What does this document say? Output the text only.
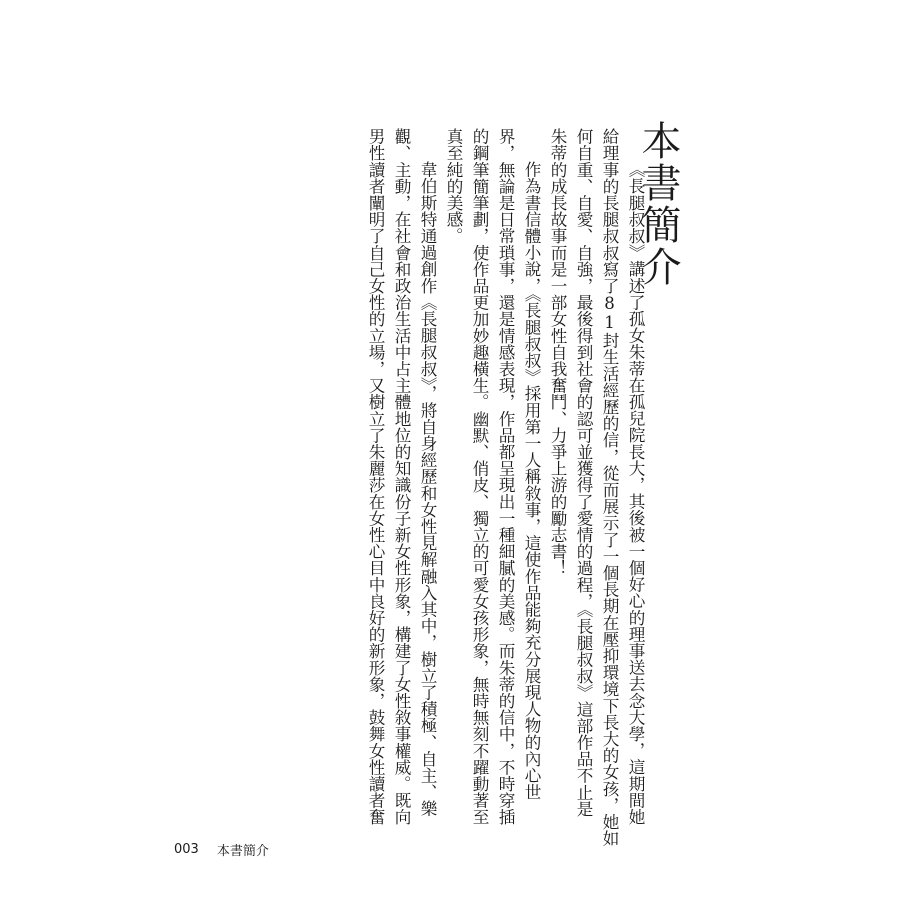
本書簡介
《長腿叔叔》講述了孤女朱蒂在孤兒院長大，其後被一個好心的理事送去念大學，這期間她
給理事的長腿叔叔寫了81封生活經歷的信，從而展示了一個長期在壓抑環境下長大的女孩，她如
何自重、自愛、自強，最後得到社會的認可並獲得了愛情的過程，《長腿叔叔》這部作品不止是
朱蒂的成長故事而是一部女性自我奮鬥、力爭上游的勵志書！
作為書信體小說，《長腿叔叔》採用第一人稱敘事，這使作品能夠充分展現人物的內心世
界，無論是日常瑣事，還是情感表現，作品都呈現出一種細膩的美感。而朱蒂的信中，不時穿插
的鋼筆簡筆劃，使作品更加妙趣橫生。幽默、俏皮、獨立的可愛女孩形象，無時無刻不躍動著至
真至純的美感。
韋伯斯特通過創作《長腿叔叔》，將自身經歷和女性見解融入其中，樹立了積極、自主、樂
觀、主動，在社會和政治生活中占主體地位的知識份子新女性形象，構建了女性敘事權威。既向
男性讀者闡明了自己女性的立場，又樹立了朱麗莎在女性心目中良好的新形象，鼓舞女性讀者奮
003 本書簡介
